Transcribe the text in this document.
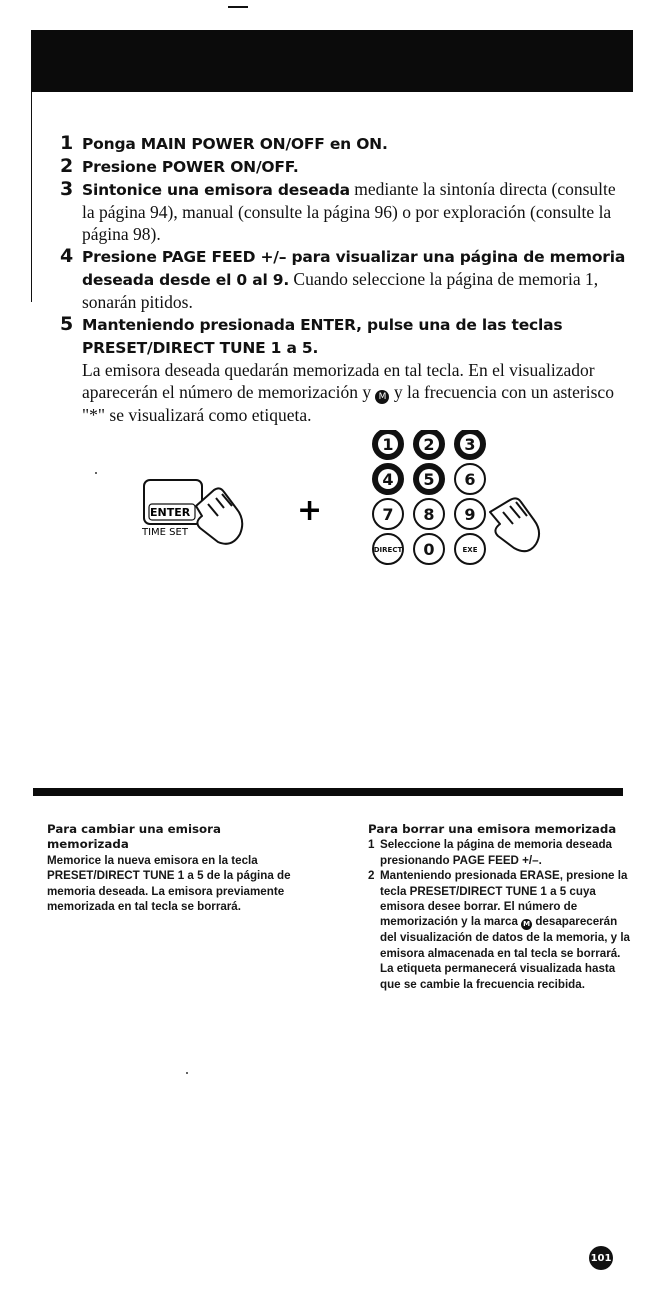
1 Ponga MAIN POWER ON/OFF en ON.

2 Presione POWER ON/OFF.

3 Sintonice una emisora deseada mediante la sintonía directa (consulte la página 94), manual (consulte la página 96) o por exploración (consulte la página 98).

4 Presione PAGE FEED +/– para visualizar una página de memoria deseada desde el 0 al 9. Cuando seleccione la página de memoria 1, sonarán pitidos.

5 Manteniendo presionada ENTER, pulse una de las teclas PRESET/DIRECT TUNE 1 a 5.

La emisora deseada quedarán memorizada en tal tecla. En el visualizador aparecerán el número de memorización y M y la frecuencia con un asterisco "*" se visualizará como etiqueta.

ENTER
TIME SET
+
1 2 3
4 5 6
7 8 9
DIRECT 0	EXE
Para cambiar una emisora memorizada

Memorice la nueva emisora en la tecla PRESET/DIRECT TUNE 1 a 5 de la página de memoria deseada. La emisora previamente memorizada en tal tecla se borrará.

Para borrar una emisora memorizada
1 Seleccione la página de memoria deseada presionando PAGE FEED +/–.

2 Manteniendo presionada ERASE, presione la tecla PRESET/DIRECT TUNE 1 a 5 cuya emisora desee borrar. El número de memorización y la marca M desaparecerán del visualización de datos de la memoria, y la emisora almacenada en tal tecla se borrará. La etiqueta permanecerá visualizada hasta que se cambie la frecuencia recibida.

101
